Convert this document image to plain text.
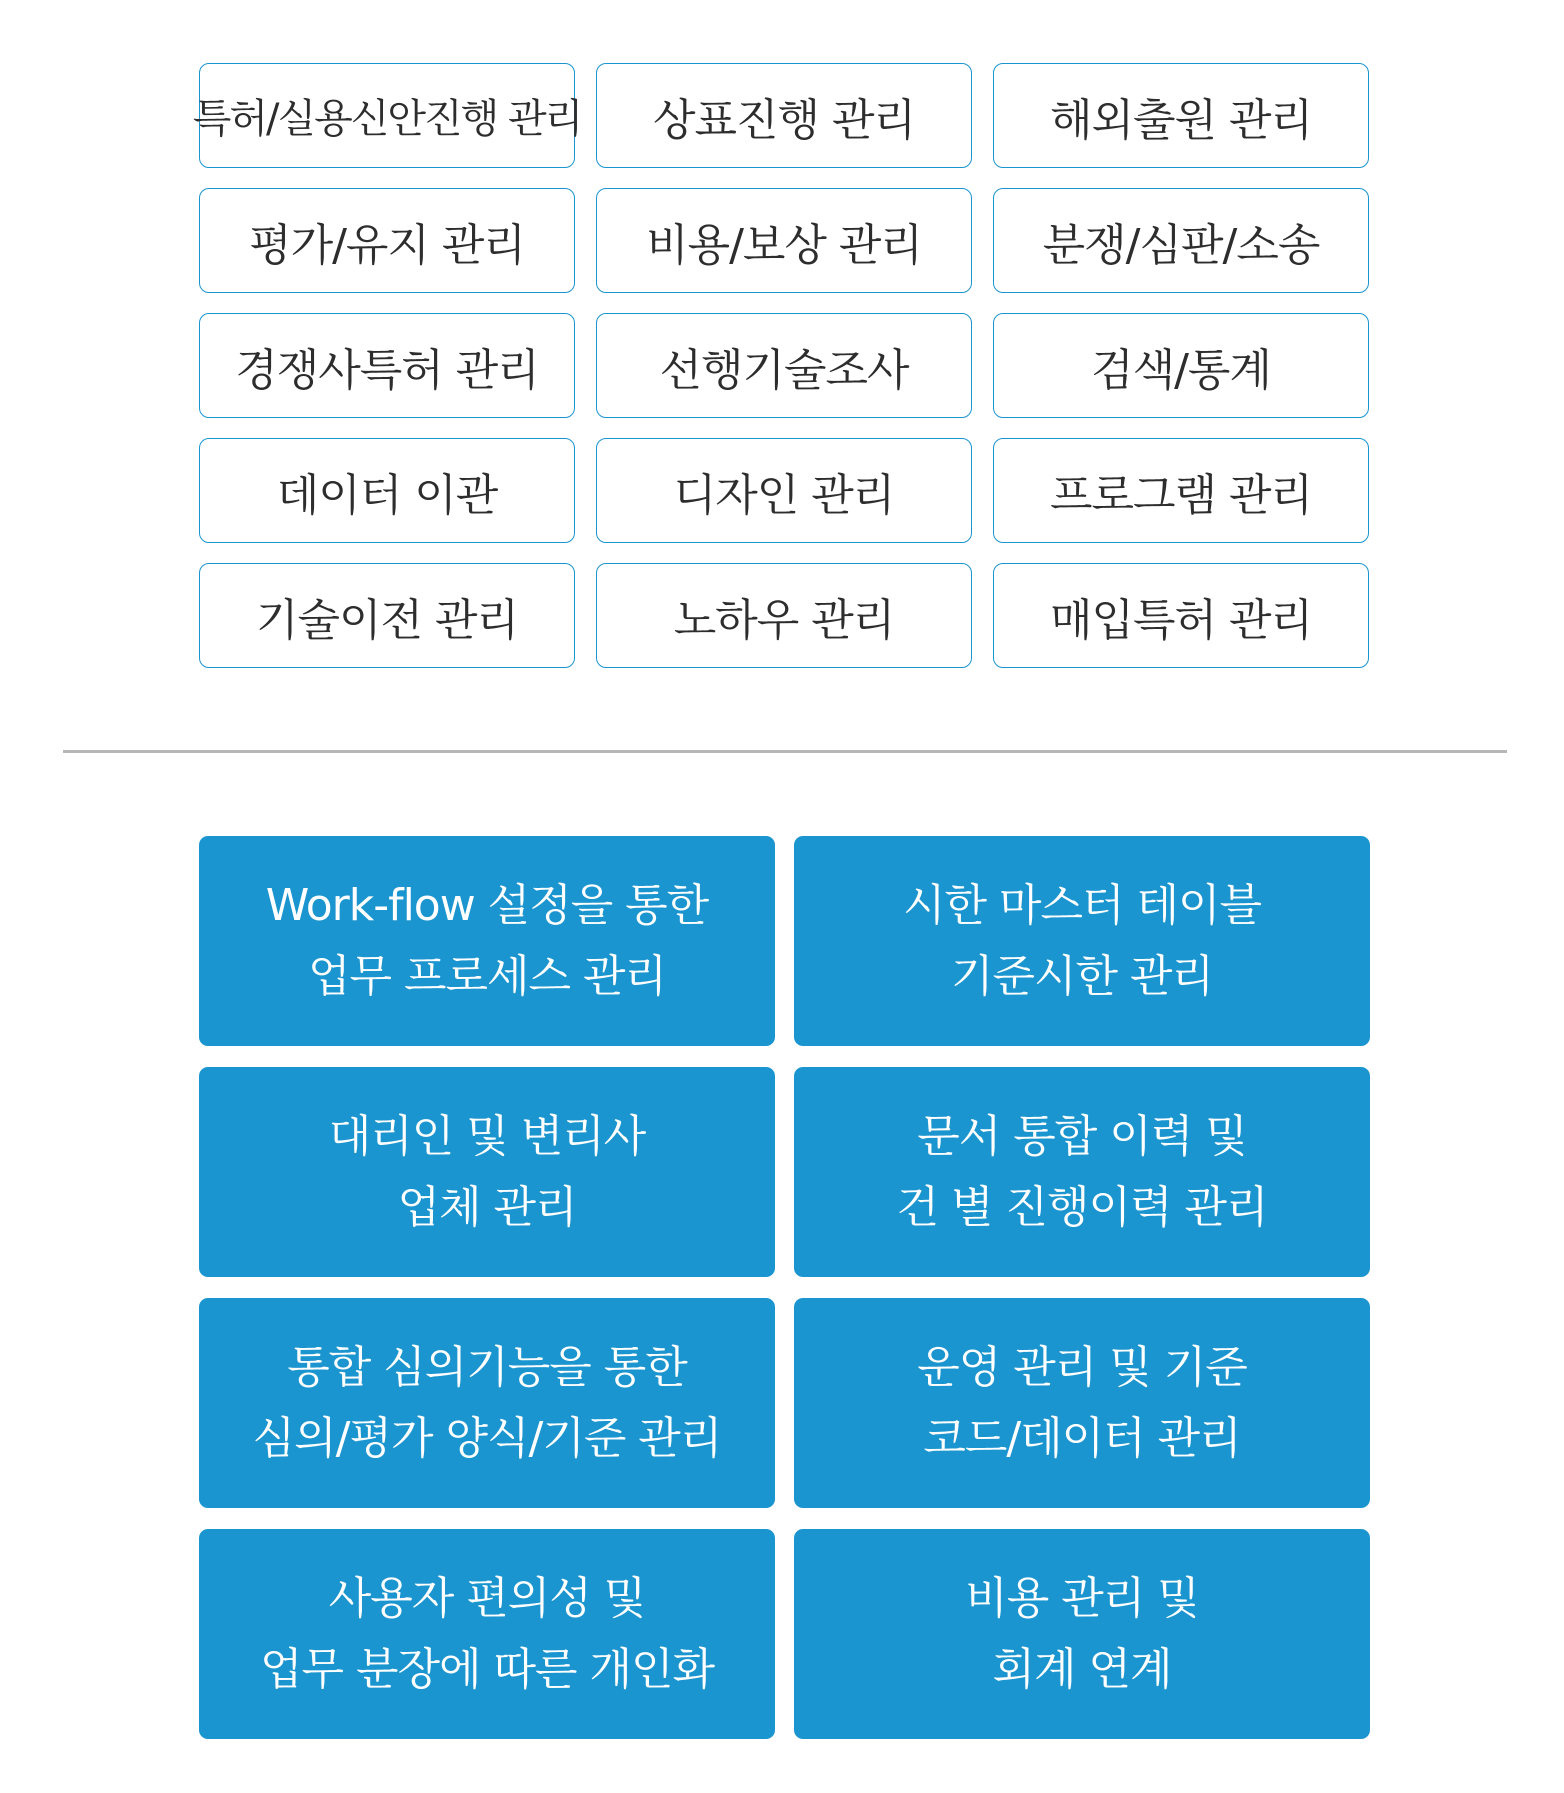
특허/실용신안진행 관리	상표진행 관리	해외출원 관리
평가/유지 관리	비용/보상 관리	분쟁/심판/소송
경쟁사특허 관리	선행기술조사	검색/통계
데이터 이관	디자인 관리	프로그램 관리
기술이전 관리	노하우 관리	매입특허 관리
Work-flow 설정을 통한
업무 프로세스 관리
시한 마스터 테이블
기준시한 관리
대리인 및 변리사
업체 관리
문서 통합 이력 및
건 별 진행이력 관리
통합 심의기능을 통한
심의/평가 양식/기준 관리
운영 관리 및 기준
코드/데이터 관리
사용자 편의성 및
업무 분장에 따른 개인화
비용 관리 및
회계 연계
